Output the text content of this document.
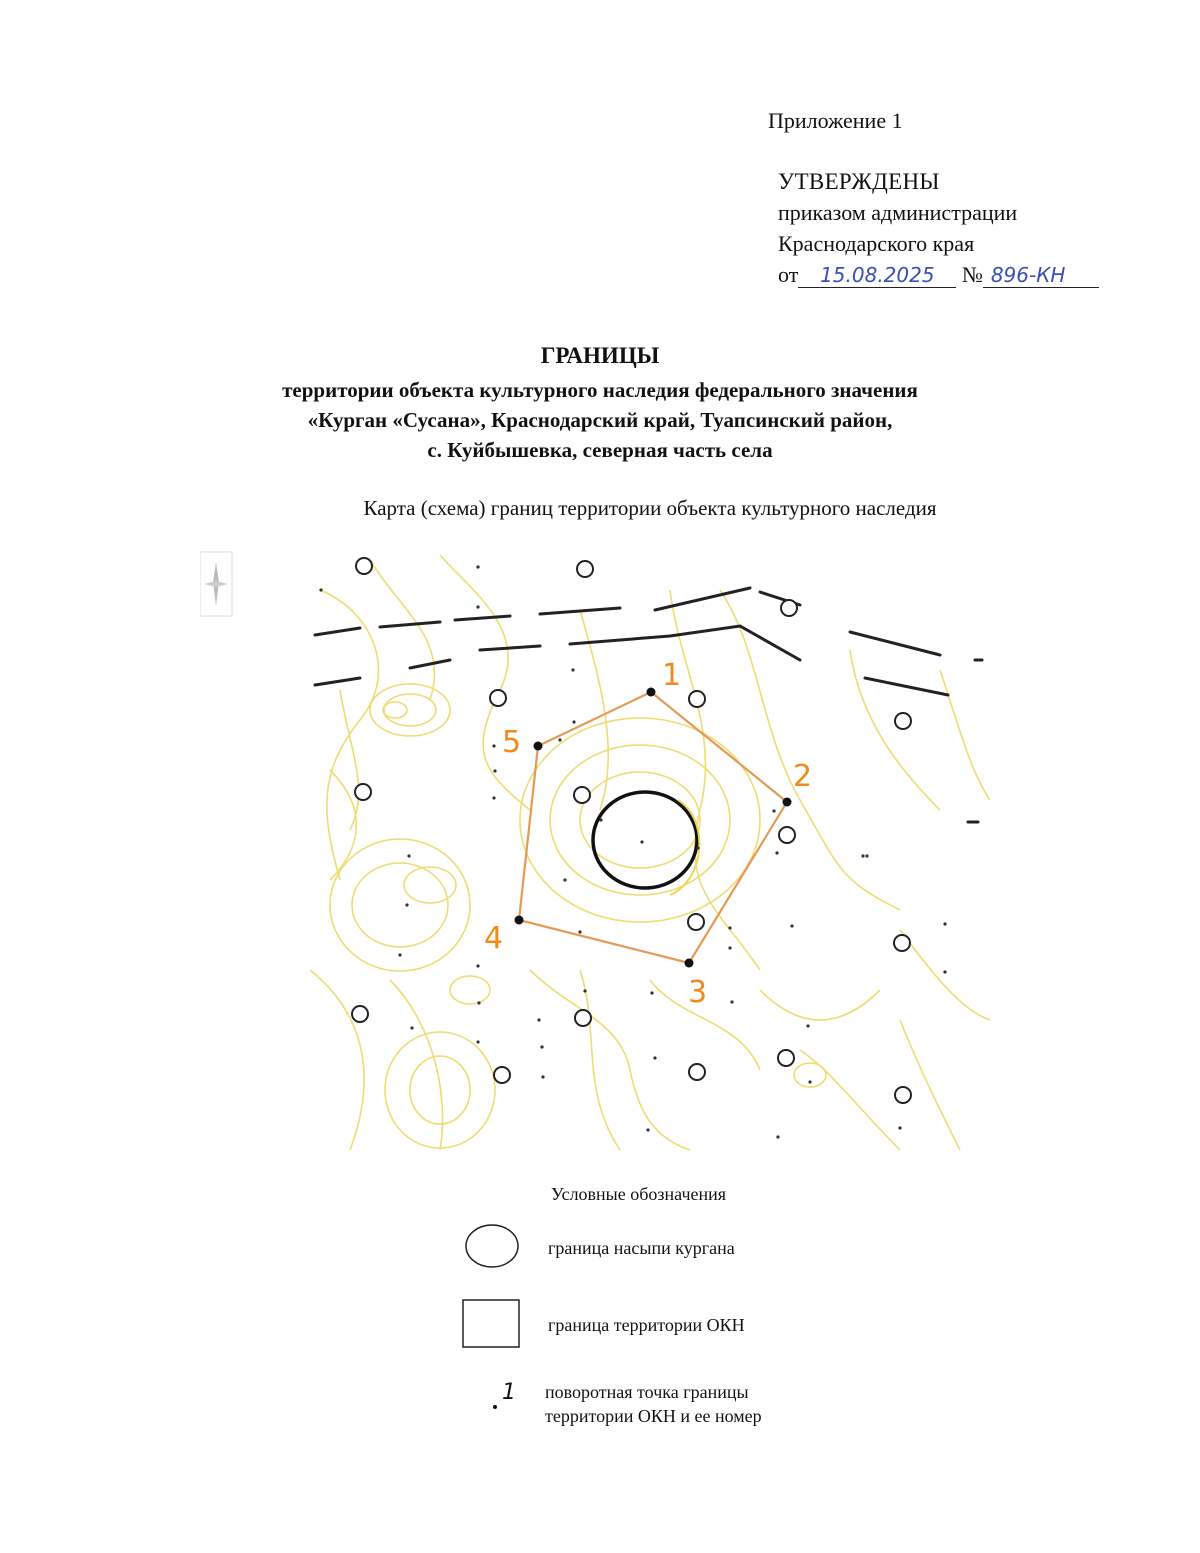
Приложение 1
УТВЕРЖДЕНЫ
приказом администрации
Краснодарского края
от 15.08.2025 № 896-КН
ГРАНИЦЫ
территории объекта культурного наследия федерального значения
«Курган «Сусана», Краснодарский край, Туапсинский район,
с. Куйбышевка, северная часть села
Карта (схема) границ территории объекта культурного наследия
1
2
3
4
5
Условные обозначения
граница насыпи кургана
граница территории ОКН
1 поворотная точка границы
территории ОКН и ее номер
